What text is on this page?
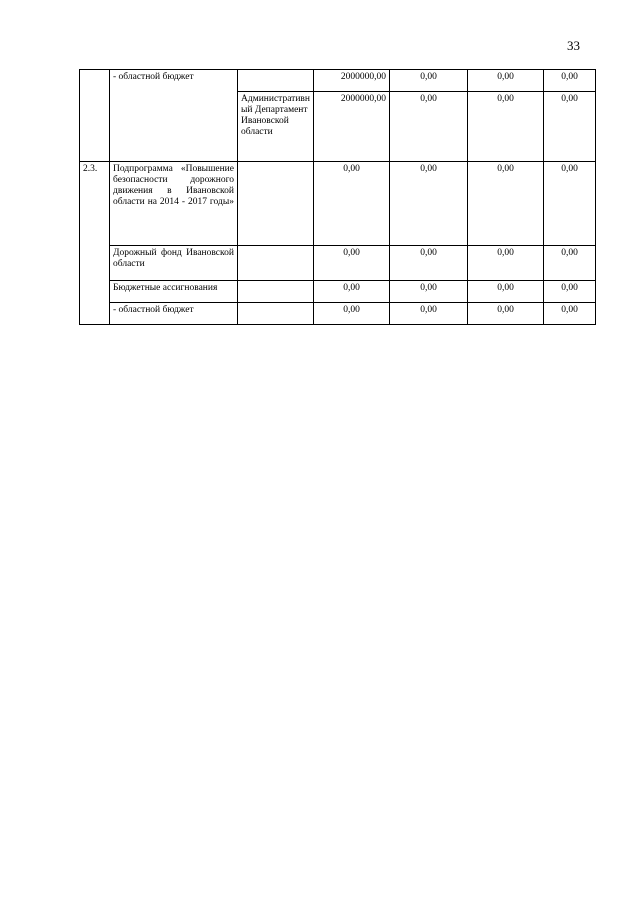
33
	- областной бюджет		2000000,00	0,00	0,00	0,00
		Административный Департамент Ивановской области	2000000,00	0,00	0,00	0,00
2.3.	Подпрограмма «Повышение безопасности дорожного движения в Ивановской области на 2014 - 2017 годы»		0,00	0,00	0,00	0,00
	Дорожный фонд Ивановской области		0,00	0,00	0,00	0,00
	Бюджетные ассигнования		0,00	0,00	0,00	0,00
	- областной бюджет		0,00	0,00	0,00	0,00
